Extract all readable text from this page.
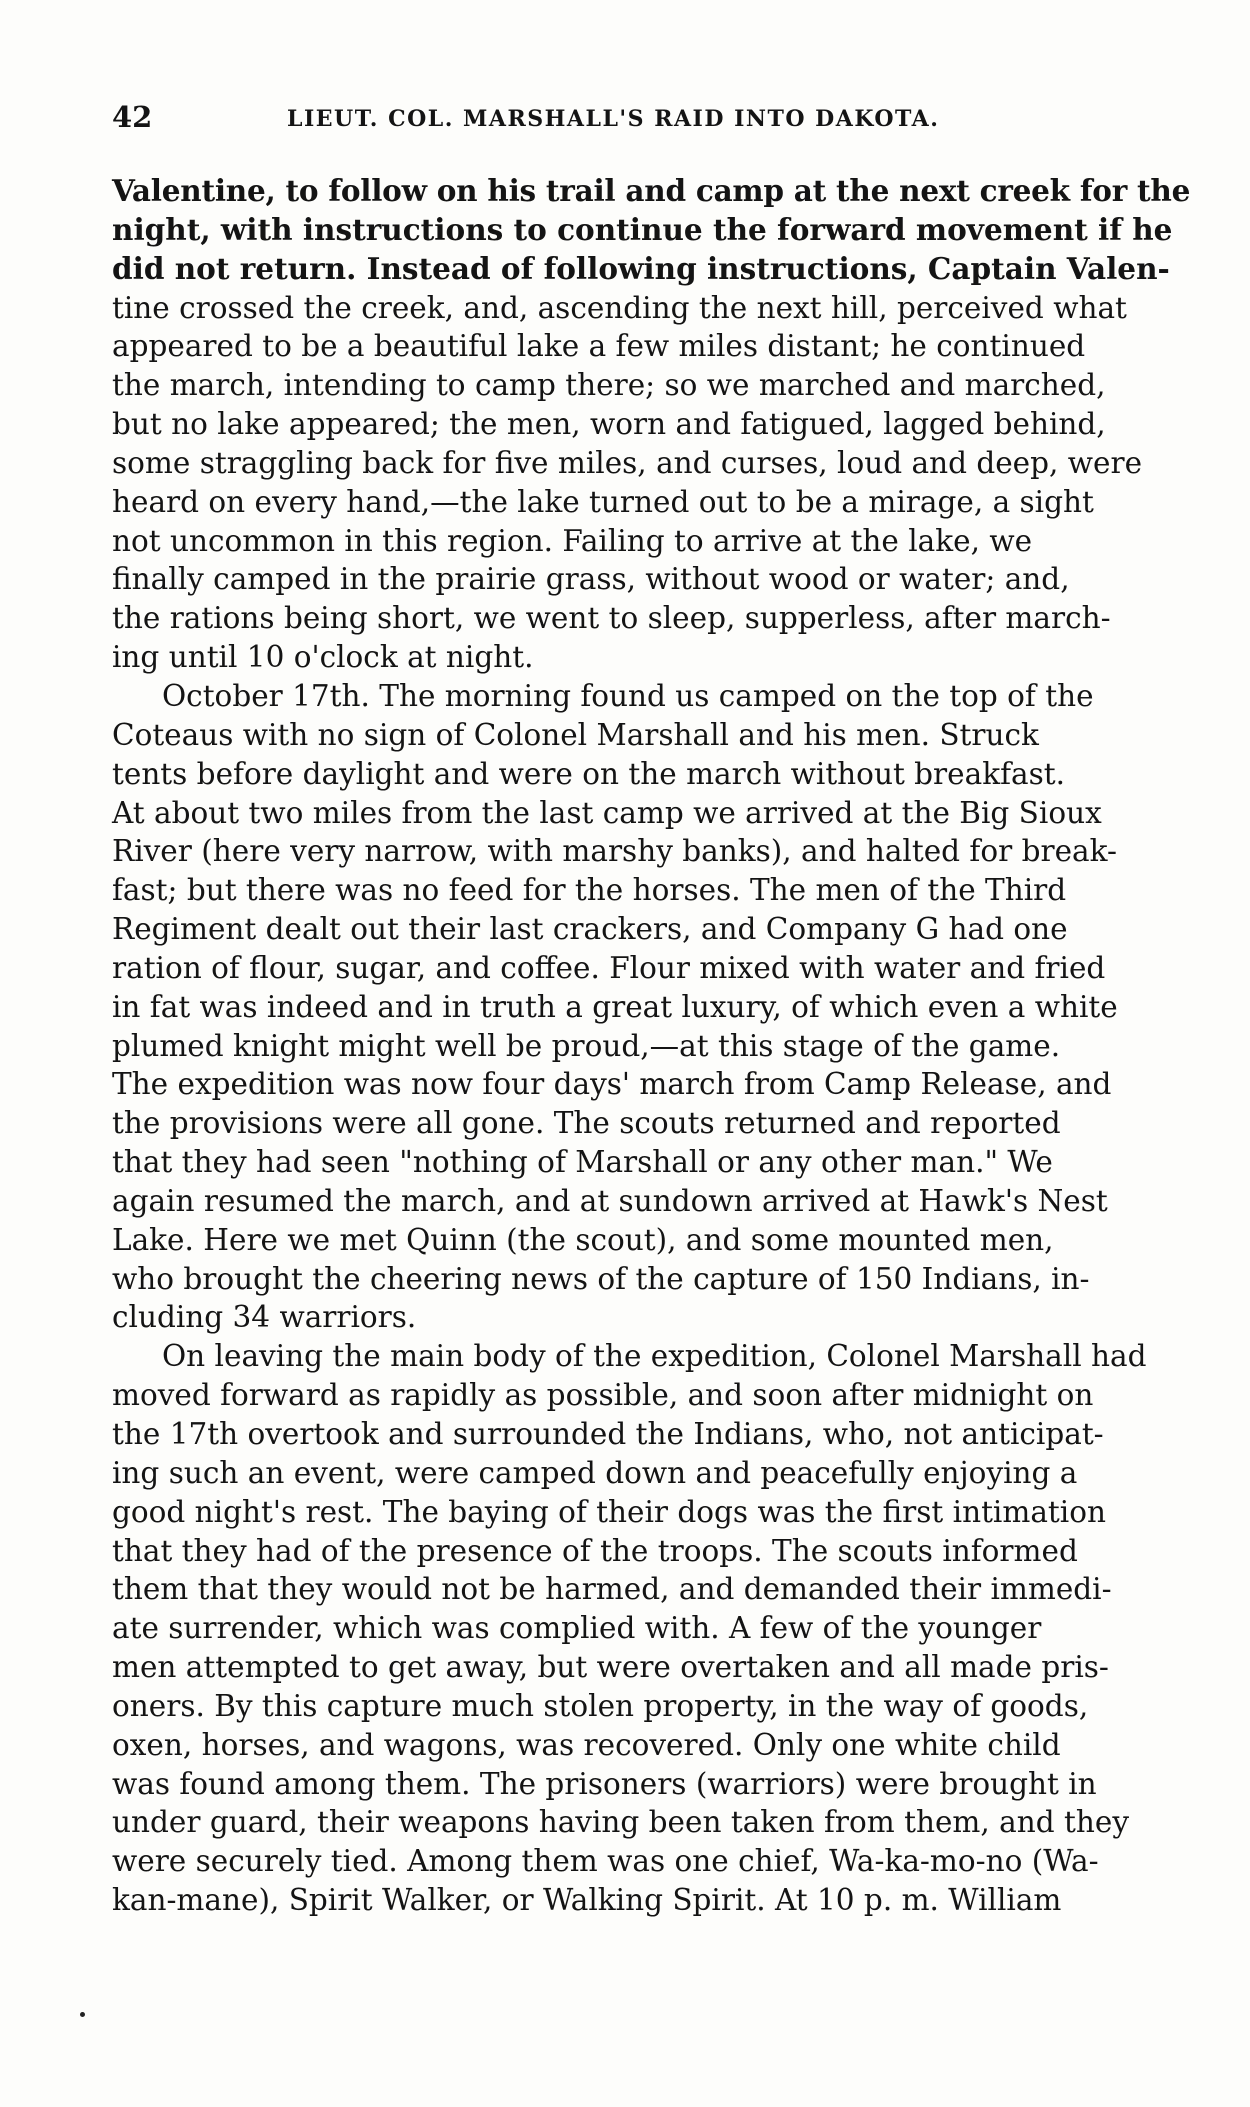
42	LIEUT. COL. MARSHALL'S RAID INTO DAKOTA.
Valentine, to follow on his trail and camp at the next creek for the
night, with instructions to continue the forward movement if he
did not return. Instead of following instructions, Captain Valen-
tine crossed the creek, and, ascending the next hill, perceived what
appeared to be a beautiful lake a few miles distant; he continued
the march, intending to camp there; so we marched and marched,
but no lake appeared; the men, worn and fatigued, lagged behind,
some straggling back for five miles, and curses, loud and deep, were
heard on every hand,—the lake turned out to be a mirage, a sight
not uncommon in this region. Failing to arrive at the lake, we
finally camped in the prairie grass, without wood or water; and,
the rations being short, we went to sleep, supperless, after march-
ing until 10 o'clock at night.
October 17th. The morning found us camped on the top of the
Coteaus with no sign of Colonel Marshall and his men. Struck
tents before daylight and were on the march without breakfast.
At about two miles from the last camp we arrived at the Big Sioux
River (here very narrow, with marshy banks), and halted for break-
fast; but there was no feed for the horses. The men of the Third
Regiment dealt out their last crackers, and Company G had one
ration of flour, sugar, and coffee. Flour mixed with water and fried
in fat was indeed and in truth a great luxury, of which even a white
plumed knight might well be proud,—at this stage of the game.
The expedition was now four days' march from Camp Release, and
the provisions were all gone. The scouts returned and reported
that they had seen "nothing of Marshall or any other man." We
again resumed the march, and at sundown arrived at Hawk's Nest
Lake. Here we met Quinn (the scout), and some mounted men,
who brought the cheering news of the capture of 150 Indians, in-
cluding 34 warriors.
On leaving the main body of the expedition, Colonel Marshall had
moved forward as rapidly as possible, and soon after midnight on
the 17th overtook and surrounded the Indians, who, not anticipat-
ing such an event, were camped down and peacefully enjoying a
good night's rest. The baying of their dogs was the first intimation
that they had of the presence of the troops. The scouts informed
them that they would not be harmed, and demanded their immedi-
ate surrender, which was complied with. A few of the younger
men attempted to get away, but were overtaken and all made pris-
oners. By this capture much stolen property, in the way of goods,
oxen, horses, and wagons, was recovered. Only one white child
was found among them. The prisoners (warriors) were brought in
under guard, their weapons having been taken from them, and they
were securely tied. Among them was one chief, Wa-ka-mo-no (Wa-
kan-mane), Spirit Walker, or Walking Spirit. At 10 p. m. William
